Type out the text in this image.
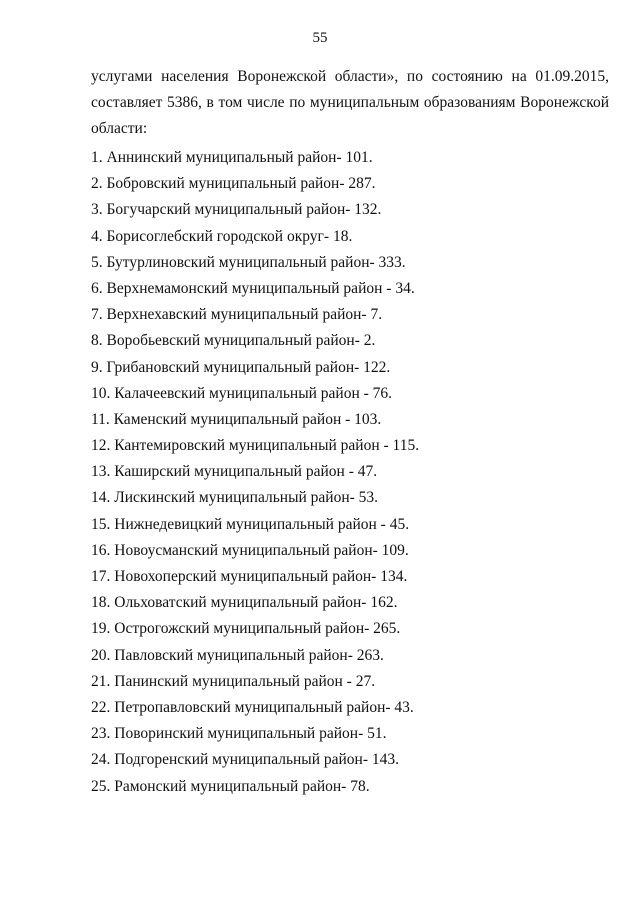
55
услугами населения Воронежской области», по состоянию на 01.09.2015,
составляет 5386, в том числе по муниципальным образованиям Воронежской
области:
1. Аннинский муниципальный район- 101.
2. Бобровский муниципальный район- 287.
3. Богучарский муниципальный район- 132.
4. Борисоглебский городской округ- 18.
5. Бутурлиновский муниципальный район- 333.
6. Верхнемамонский муниципальный район - 34.
7. Верхнехавский муниципальный район- 7.
8. Воробьевский муниципальный район- 2.
9. Грибановский муниципальный район- 122.
10. Калачеевский муниципальный район - 76.
11. Каменский муниципальный район - 103.
12. Кантемировский муниципальный район - 115.
13. Каширский муниципальный район - 47.
14. Лискинский муниципальный район- 53.
15. Нижнедевицкий муниципальный район - 45.
16. Новоусманский муниципальный район- 109.
17. Новохоперский муниципальный район- 134.
18. Ольховатский муниципальный район- 162.
19. Острогожский муниципальный район- 265.
20. Павловский муниципальный район- 263.
21. Панинский муниципальный район - 27.
22. Петропавловский муниципальный район- 43.
23. Поворинский муниципальный район- 51.
24. Подгоренский муниципальный район- 143.
25. Рамонский муниципальный район- 78.
